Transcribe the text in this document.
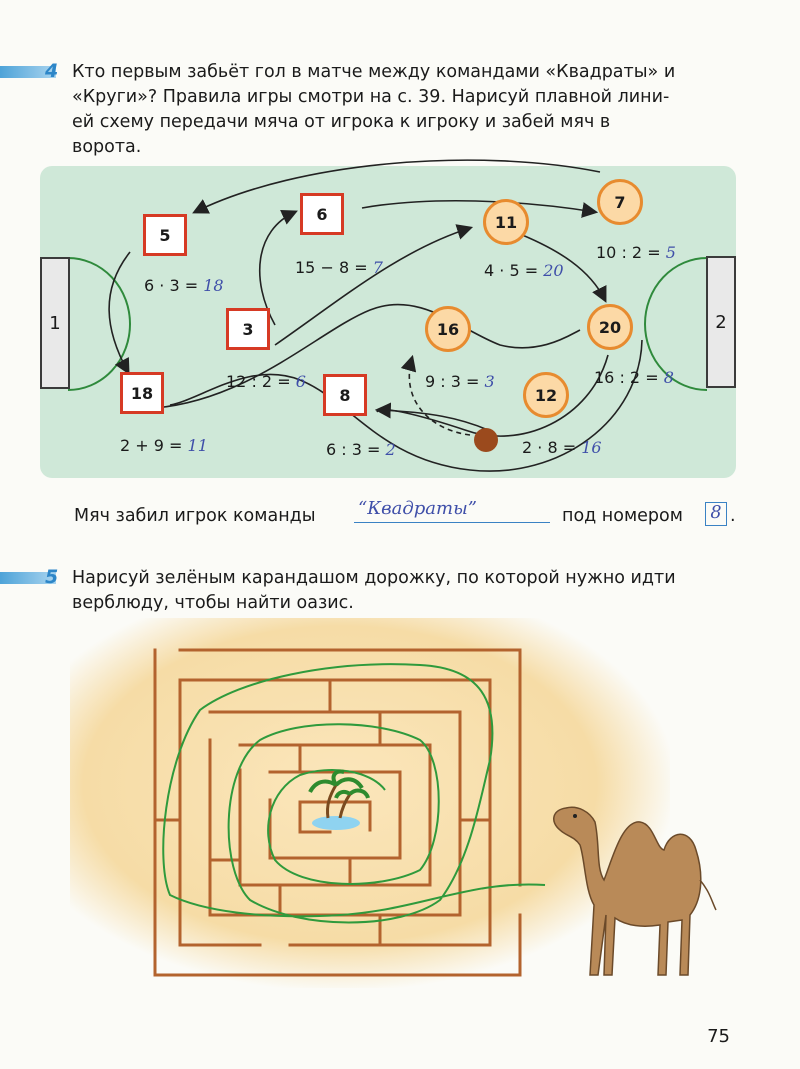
4 Кто первым забьёт гол в матче между командами «Квадраты» и
«Круги»? Правила игры смотри на с. 39. Нарисуй плавной лини-
ей схему передачи мяча от игрока к игроку и забей мяч в
ворота.
1	2
5
6 · 3 = 18
6
15 − 8 = 7
3
12 : 2 = 6
18
2 + 9 = 11
8
6 : 3 = 2
11
4 · 5 = 20
7
10 : 2 = 5
16
9 : 3 = 3
20
16 : 2 = 8
12
2 · 8 = 16
Мяч забил игрок команды “Квадраты”	под номером	8 .
5 Нарисуй зелёным карандашом дорожку, по которой нужно идти
верблюду, чтобы найти оазис.
75
